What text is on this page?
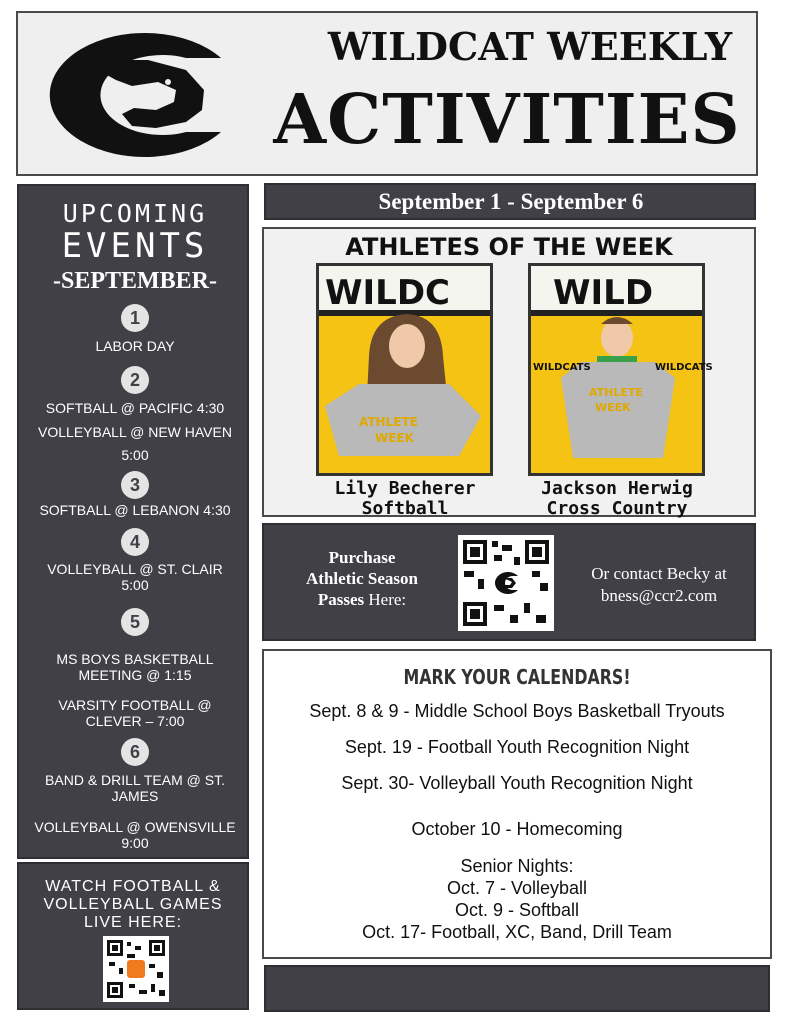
WILDCAT WEEKLY
ACTIVITIES
UPCOMING
EVENTS
-SEPTEMBER-
1
LABOR DAY
2
SOFTBALL @ PACIFIC 4:30
VOLLEYBALL @ NEW HAVEN
5:00
3
SOFTBALL @ LEBANON 4:30
4
VOLLEYBALL @ ST. CLAIR
5:00
5
MS BOYS BASKETBALL
MEETING @ 1:15
VARSITY FOOTBALL @
CLEVER – 7:00
6
BAND & DRILL TEAM @ ST.
JAMES
VOLLEYBALL @ OWENSVILLE
9:00
WATCH FOOTBALL &
VOLLEYBALL GAMES
LIVE HERE:
September 1 - September 6
ATHLETES OF THE WEEK
WILDC
ATHLETE
WEEK
WILD
ATHLETE
WEEK
WILDCATS	WILDCATS
Lily Becherer
Softball
Jackson Herwig
Cross Country
Purchase
Athletic Season
Passes Here:
Or contact Becky at
bness@ccr2.com
MARK YOUR CALENDARS!
Sept. 8 & 9 - Middle School Boys Basketball Tryouts
Sept. 19 - Football Youth Recognition Night
Sept. 30- Volleyball Youth Recognition Night
October 10 - Homecoming
Senior Nights:
Oct. 7 - Volleyball
Oct. 9 - Softball
Oct. 17- Football, XC, Band, Drill Team
